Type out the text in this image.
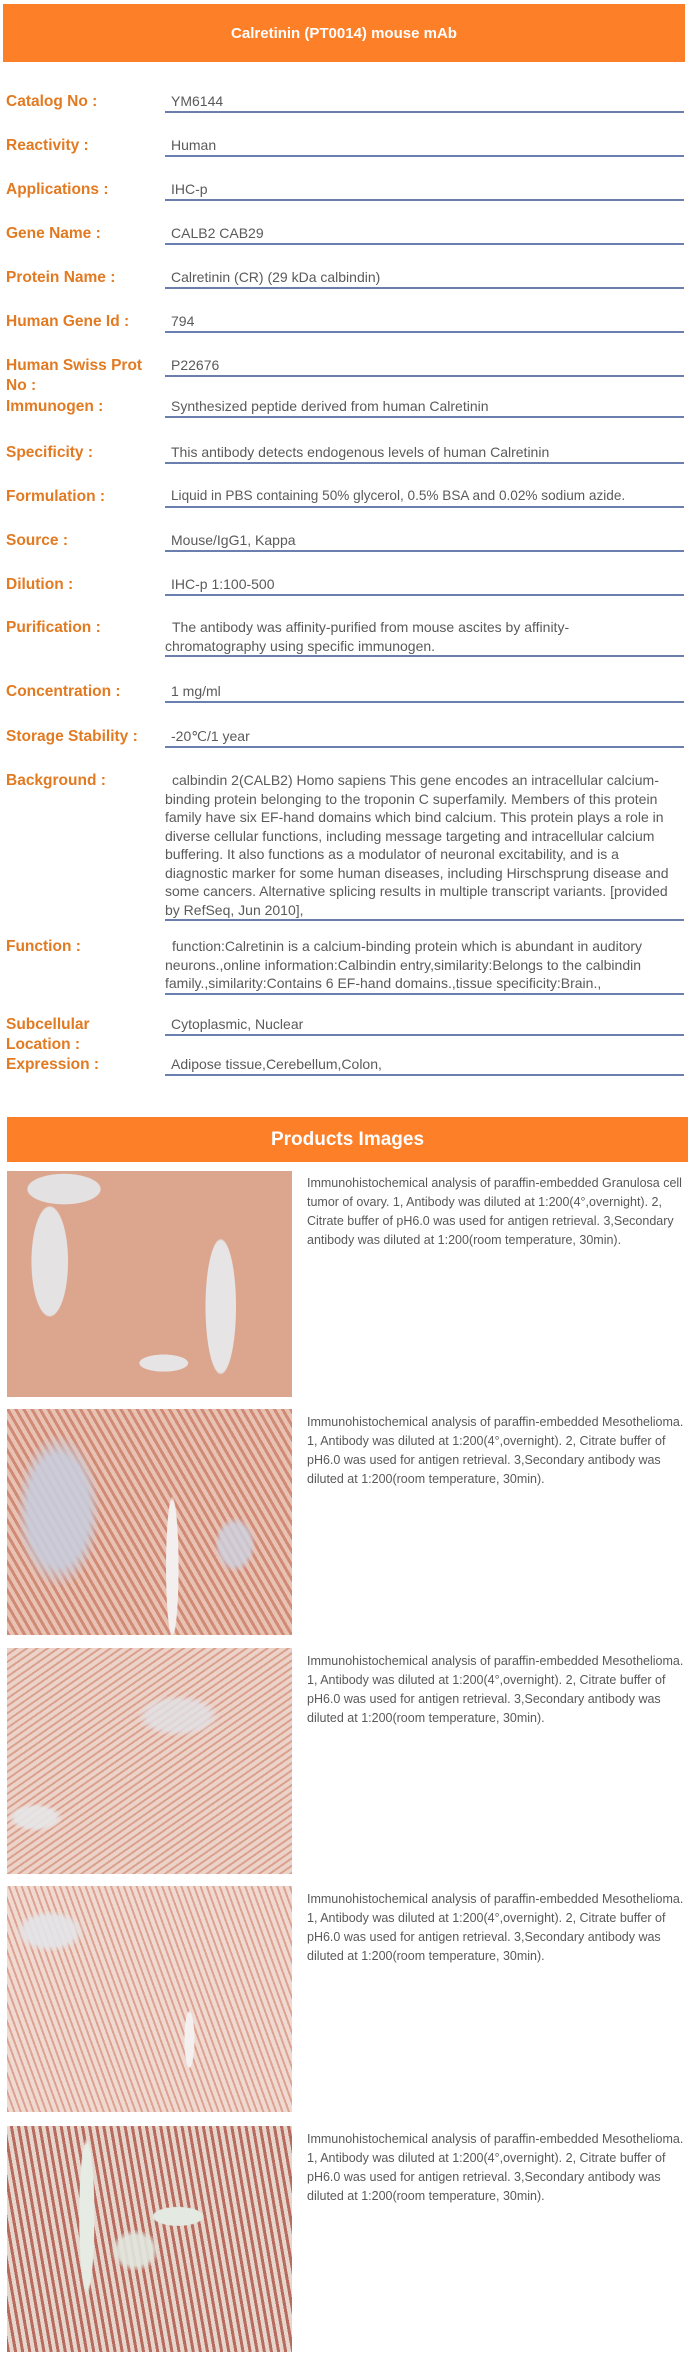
Calretinin (PT0014) mouse mAb
Catalog No :	YM6144
Reactivity :	Human
Applications :	IHC-p
Gene Name :	CALB2 CAB29
Protein Name :	Calretinin (CR) (29 kDa calbindin)
Human Gene Id :	794
Human Swiss Prot No :
P22676
Immunogen :	Synthesized peptide derived from human Calretinin
Specificity :	This antibody detects endogenous levels of human Calretinin
Formulation :	Liquid in PBS containing 50% glycerol, 0.5% BSA and 0.02% sodium azide.
Source :	Mouse/IgG1, Kappa
Dilution :	IHC-p 1:100-500
Purification :	The antibody was affinity-purified from mouse ascites by affinity-chromatography using specific immunogen.
Concentration :	1 mg/ml
Storage Stability :	-20℃/1 year
Background :	calbindin 2(CALB2) Homo sapiens This gene encodes an intracellular calcium-binding protein belonging to the troponin C superfamily. Members of this protein family have six EF-hand domains which bind calcium. This protein plays a role in diverse cellular functions, including message targeting and intracellular calcium buffering. It also functions as a modulator of neuronal excitability, and is a diagnostic marker for some human diseases, including Hirschsprung disease and some cancers. Alternative splicing results in multiple transcript variants. [provided by RefSeq, Jun 2010],
Function :	function:Calretinin is a calcium-binding protein which is abundant in auditory neurons.,online information:Calbindin entry,similarity:Belongs to the calbindin family.,similarity:Contains 6 EF-hand domains.,tissue specificity:Brain.,
Subcellular Location :
Cytoplasmic, Nuclear
Expression :	Adipose tissue,Cerebellum,Colon,
Products Images
Immunohistochemical analysis of paraffin-embedded Granulosa cell tumor of ovary. 1, Antibody was diluted at 1:200(4°,overnight). 2, Citrate buffer of pH6.0 was used for antigen retrieval. 3,Secondary antibody was diluted at 1:200(room temperature, 30min).
Immunohistochemical analysis of paraffin-embedded Mesothelioma. 1, Antibody was diluted at 1:200(4°,overnight). 2, Citrate buffer of pH6.0 was used for antigen retrieval. 3,Secondary antibody was diluted at 1:200(room temperature, 30min).
Immunohistochemical analysis of paraffin-embedded Mesothelioma. 1, Antibody was diluted at 1:200(4°,overnight). 2, Citrate buffer of pH6.0 was used for antigen retrieval. 3,Secondary antibody was diluted at 1:200(room temperature, 30min).
Immunohistochemical analysis of paraffin-embedded Mesothelioma. 1, Antibody was diluted at 1:200(4°,overnight). 2, Citrate buffer of pH6.0 was used for antigen retrieval. 3,Secondary antibody was diluted at 1:200(room temperature, 30min).
Immunohistochemical analysis of paraffin-embedded Mesothelioma. 1, Antibody was diluted at 1:200(4°,overnight). 2, Citrate buffer of pH6.0 was used for antigen retrieval. 3,Secondary antibody was diluted at 1:200(room temperature, 30min).
